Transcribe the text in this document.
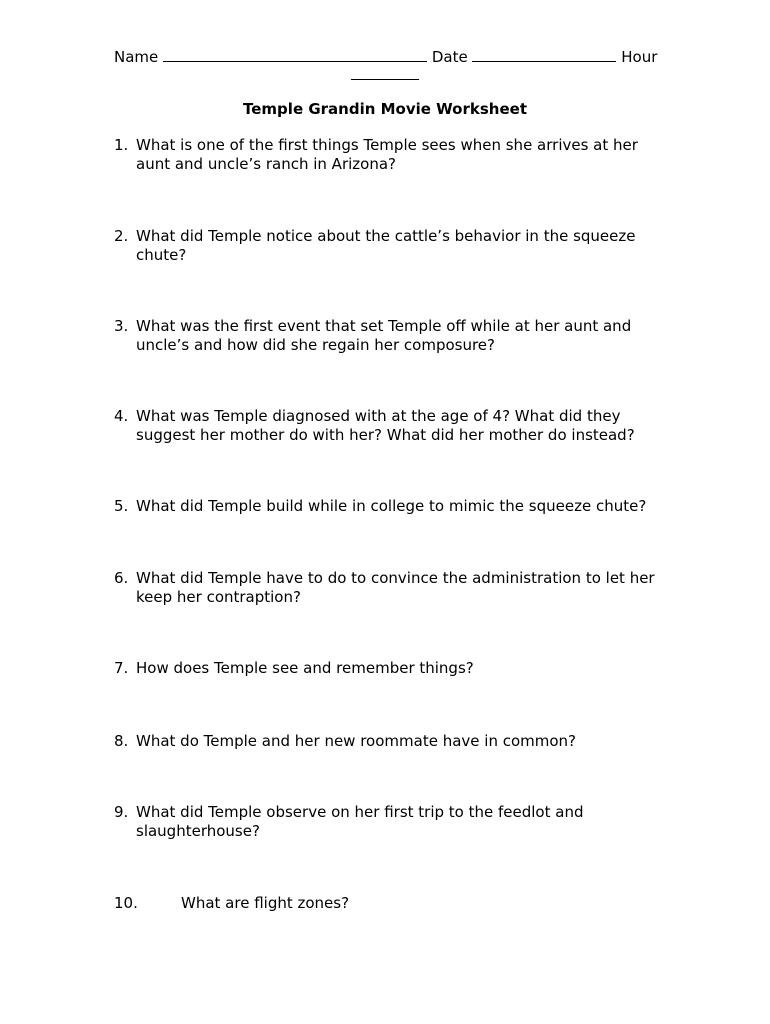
Name	Date	Hour
Temple Grandin Movie Worksheet
1. What is one of the first things Temple sees when she arrives at her
aunt and uncle’s ranch in Arizona?
2. What did Temple notice about the cattle’s behavior in the squeeze
chute?
3. What was the first event that set Temple off while at her aunt and
uncle’s and how did she regain her composure?
4. What was Temple diagnosed with at the age of 4? What did they
suggest her mother do with her? What did her mother do instead?
5. What did Temple build while in college to mimic the squeeze chute?
6. What did Temple have to do to convince the administration to let her
keep her contraption?
7. How does Temple see and remember things?
8. What do Temple and her new roommate have in common?
9. What did Temple observe on her first trip to the feedlot and
slaughterhouse?
10.	What are flight zones?
